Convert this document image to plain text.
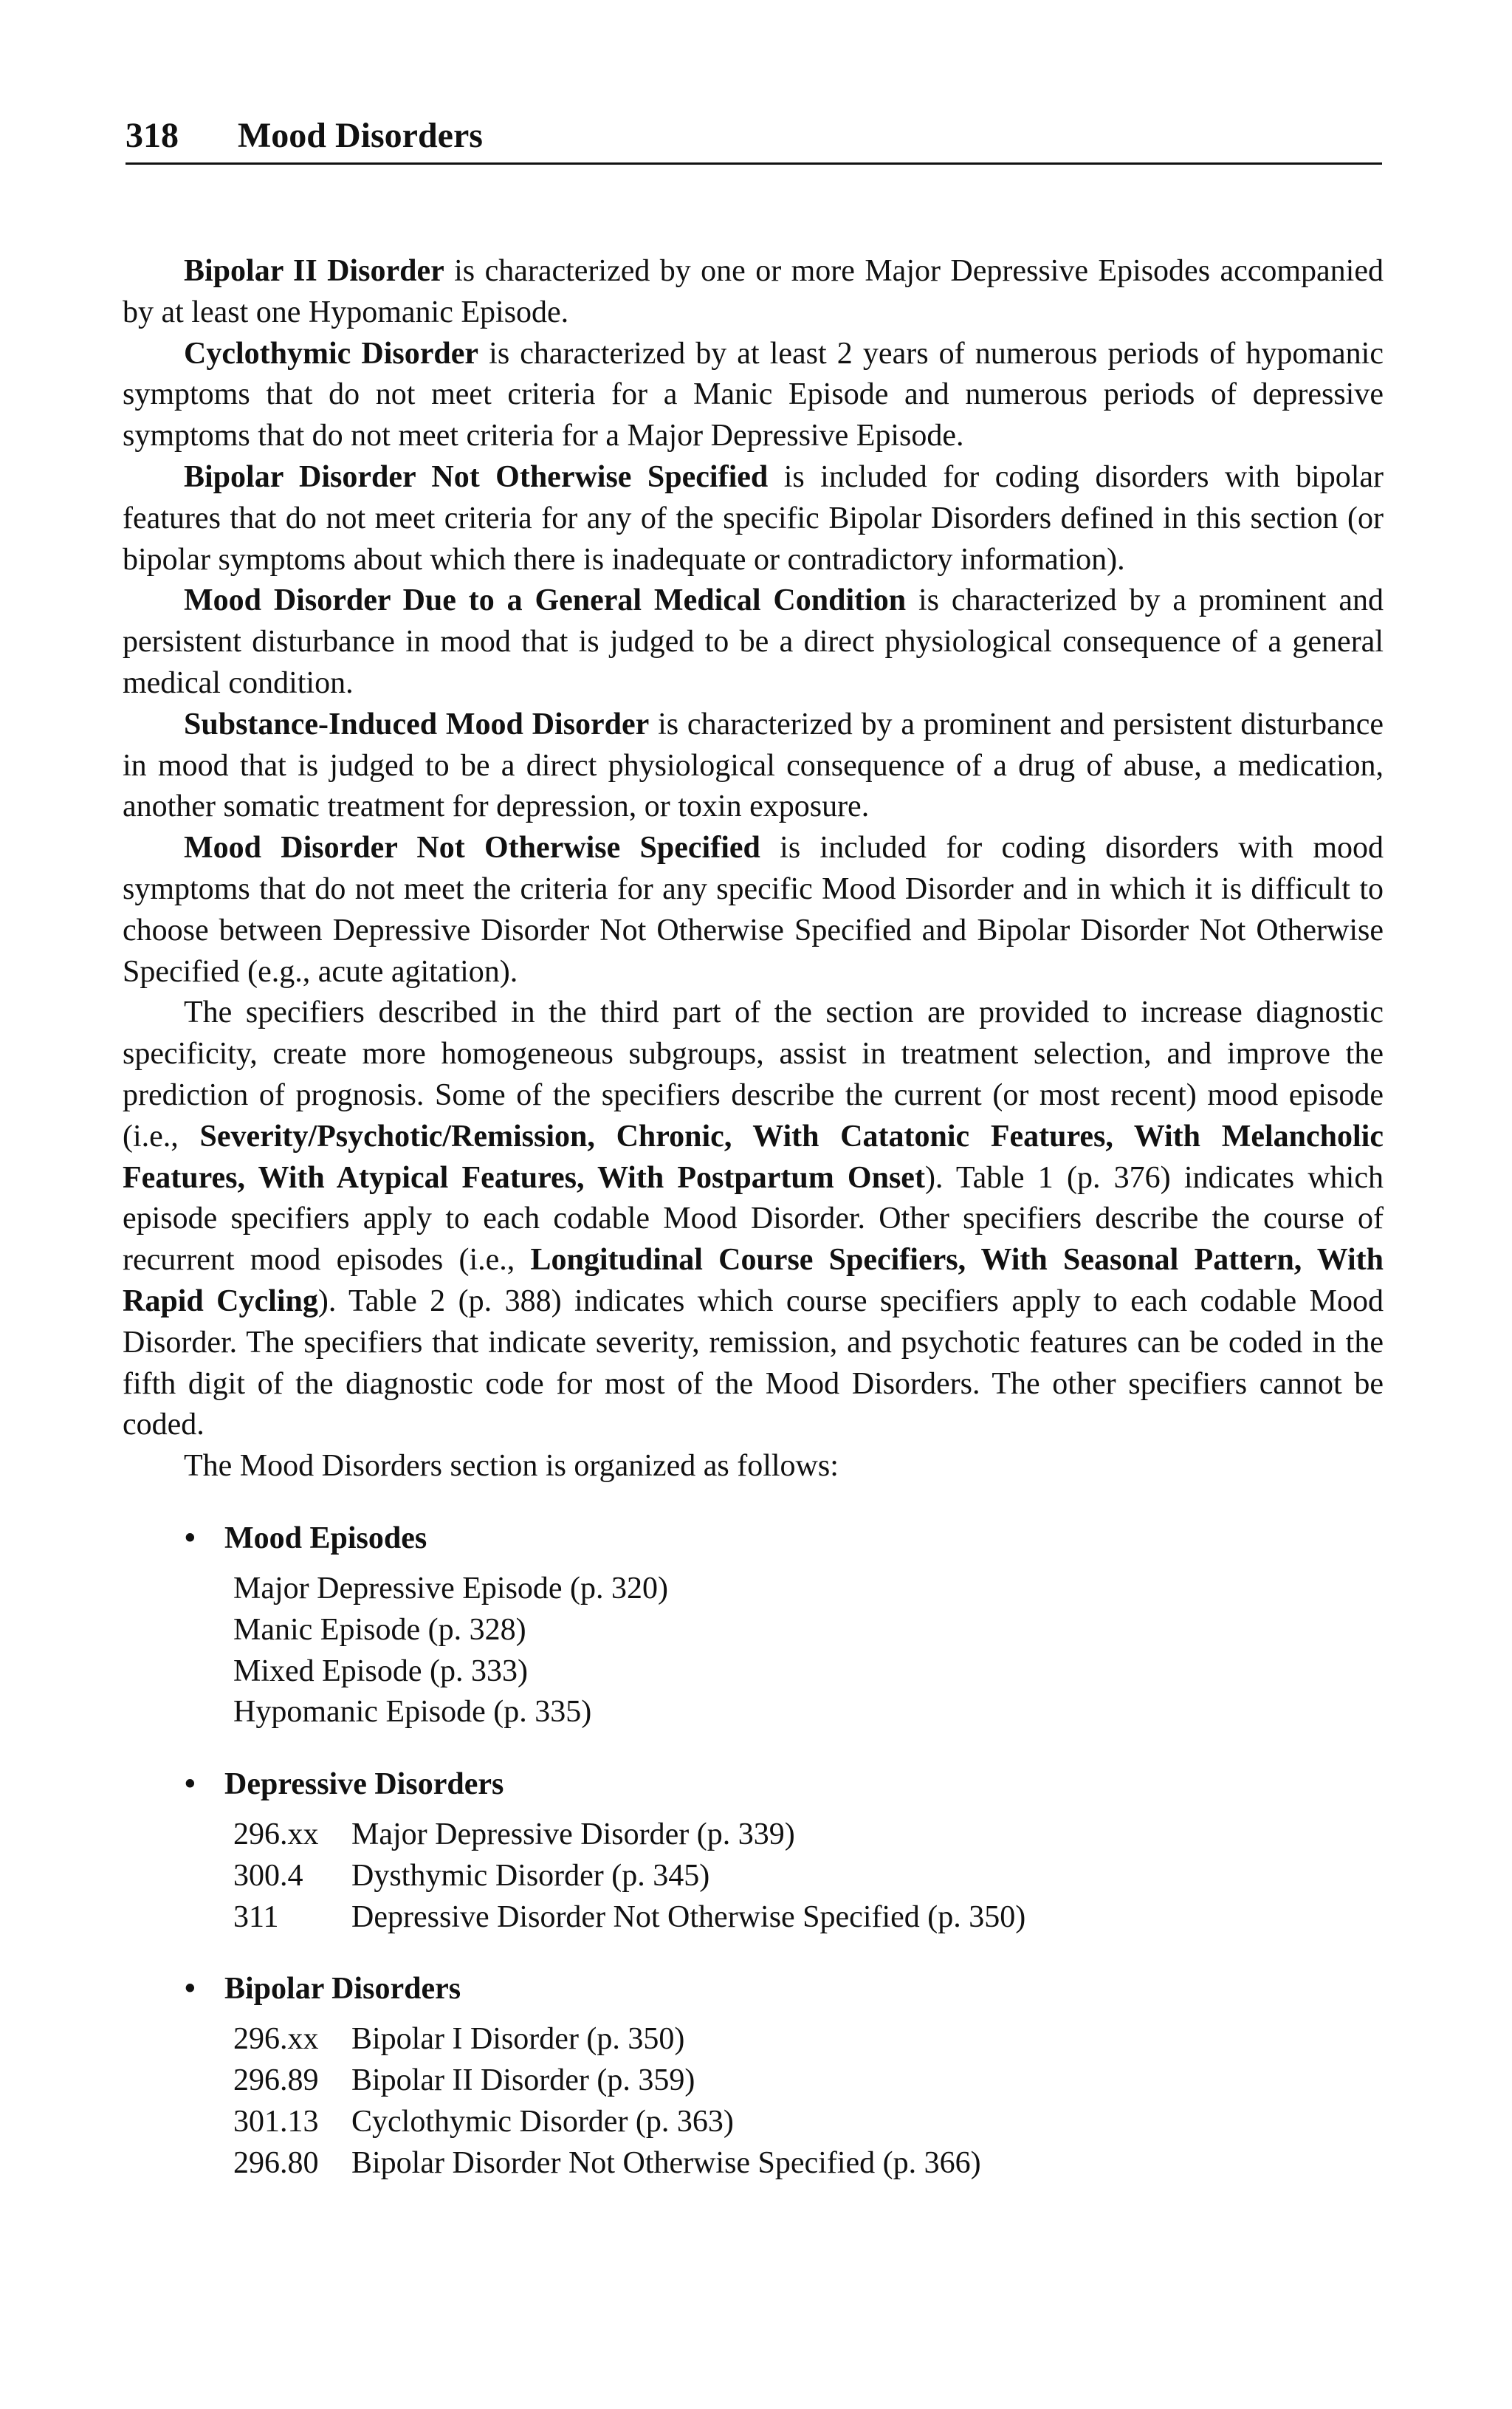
318 Mood Disorders

Bipolar II Disorder is characterized by one or more Major Depressive Episodes accompanied by at least one Hypomanic Episode.

Cyclothymic Disorder is characterized by at least 2 years of numerous periods of hypomanic symptoms that do not meet criteria for a Manic Episode and numerous periods of depressive symptoms that do not meet criteria for a Major Depressive Episode.

Bipolar Disorder Not Otherwise Specified is included for coding disorders with bipolar features that do not meet criteria for any of the specific Bipolar Disorders defined in this section (or bipolar symptoms about which there is inadequate or contradictory information).

Mood Disorder Due to a General Medical Condition is characterized by a prominent and persistent disturbance in mood that is judged to be a direct physiological consequence of a general medical condition.

Substance-Induced Mood Disorder is characterized by a prominent and persistent disturbance in mood that is judged to be a direct physiological consequence of a drug of abuse, a medication, another somatic treatment for depression, or toxin exposure.

Mood Disorder Not Otherwise Specified is included for coding disorders with mood symptoms that do not meet the criteria for any specific Mood Disorder and in which it is difficult to choose between Depressive Disorder Not Otherwise Specified and Bipolar Disorder Not Otherwise Specified (e.g., acute agitation).

The specifiers described in the third part of the section are provided to increase diagnostic specificity, create more homogeneous subgroups, assist in treatment selection, and improve the prediction of prognosis. Some of the specifiers describe the current (or most recent) mood episode (i.e., Severity/Psychotic/Remission, Chronic, With Catatonic Features, With Melancholic Features, With Atypical Features, With Postpartum Onset). Table 1 (p. 376) indicates which episode specifiers apply to each codable Mood Disorder. Other specifiers describe the course of recurrent mood episodes (i.e., Longitudinal Course Specifiers, With Seasonal Pattern, With Rapid Cycling). Table 2 (p. 388) indicates which course specifiers apply to each codable Mood Disorder. The specifiers that indicate severity, remission, and psychotic features can be coded in the fifth digit of the diagnostic code for most of the Mood Disorders. The other specifiers cannot be coded.

The Mood Disorders section is organized as follows:

• Mood Episodes
Major Depressive Episode (p. 320)
Manic Episode (p. 328)
Mixed Episode (p. 333)
Hypomanic Episode (p. 335)
• Depressive Disorders
296.xx	Major Depressive Disorder (p. 339)
300.4	Dysthymic Disorder (p. 345)
311	Depressive Disorder Not Otherwise Specified (p. 350)
• Bipolar Disorders
296.xx	Bipolar I Disorder (p. 350)
296.89	Bipolar II Disorder (p. 359)
301.13	Cyclothymic Disorder (p. 363)
296.80	Bipolar Disorder Not Otherwise Specified (p. 366)
